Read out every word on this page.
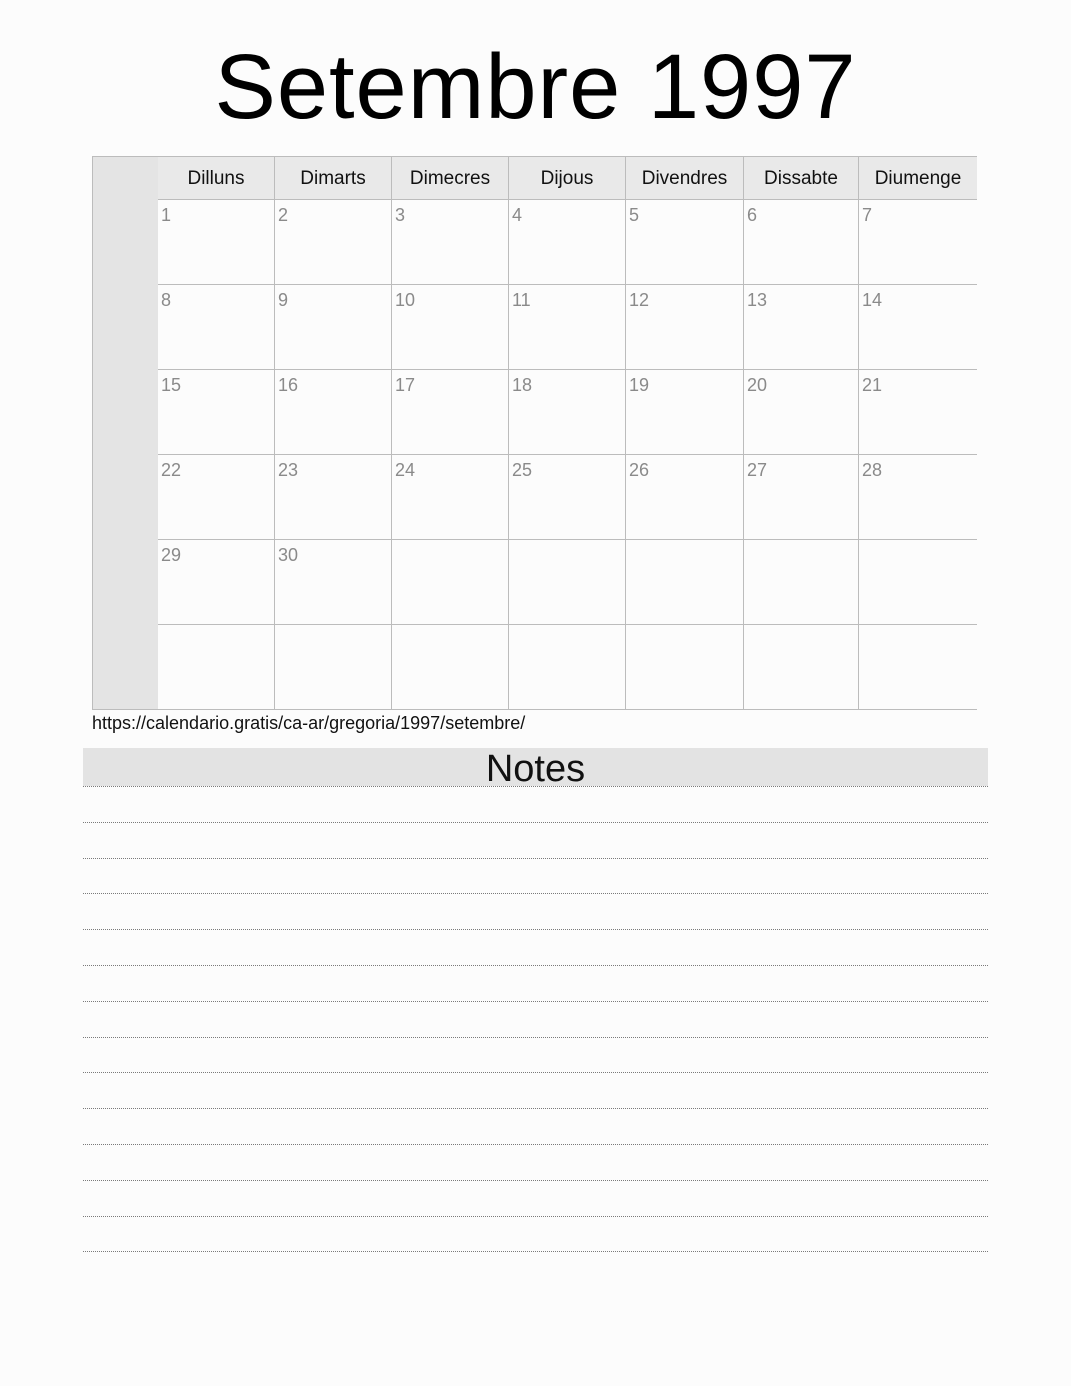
Setembre 1997
Dilluns	Dimarts	Dimecres	Dijous	Divendres	Dissabte	Diumenge
1	2	3	4	5	6	7
8	9	10	11	12	13	14
15	16	17	18	19	20	21
22	23	24	25	26	27	28
29	30
https://calendario.gratis/ca-ar/gregoria/1997/setembre/
Notes
